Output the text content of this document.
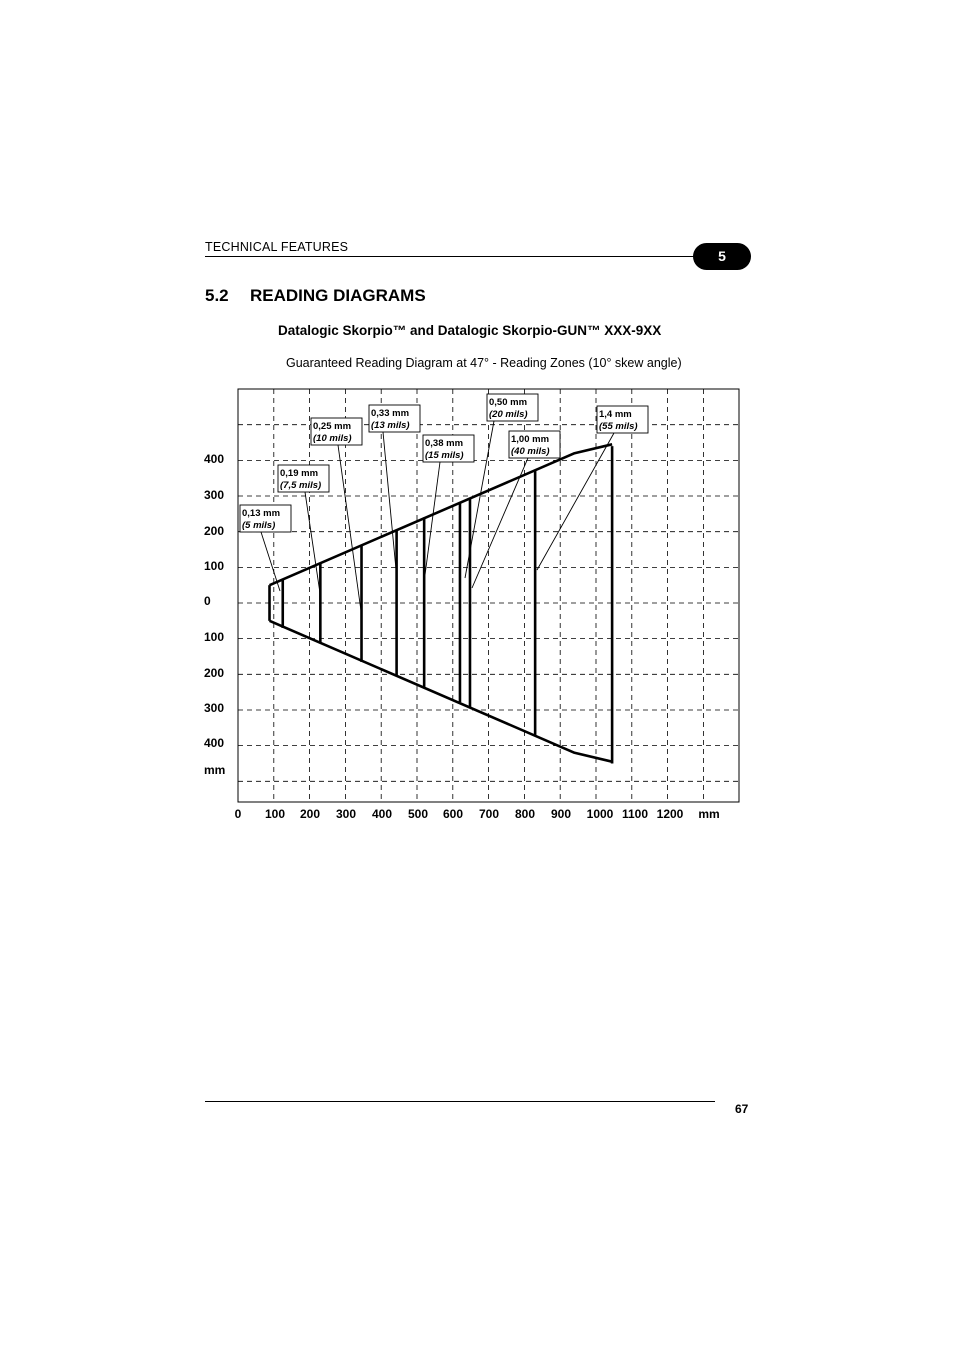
TECHNICAL FEATURES
5
5.2 READING DIAGRAMS
Datalogic Skorpio™ and Datalogic Skorpio-GUN™ XXX-9XX
Guaranteed Reading Diagram at 47° - Reading Zones (10° skew angle)
0 100 200 300 400 500 600 700 800 900 1000 1100 1200 mm
400
300
200
100
0
100
200
300
400
mm
0,13 mm
(5 mils)
0,19 mm
(7,5 mils)
0,25 mm
(10 mils)
0,33 mm
(13 mils)
0,38 mm
(15 mils)
0,50 mm
(20 mils)
1,00 mm
(40 mils)
1,4 mm
(55 mils)
67
